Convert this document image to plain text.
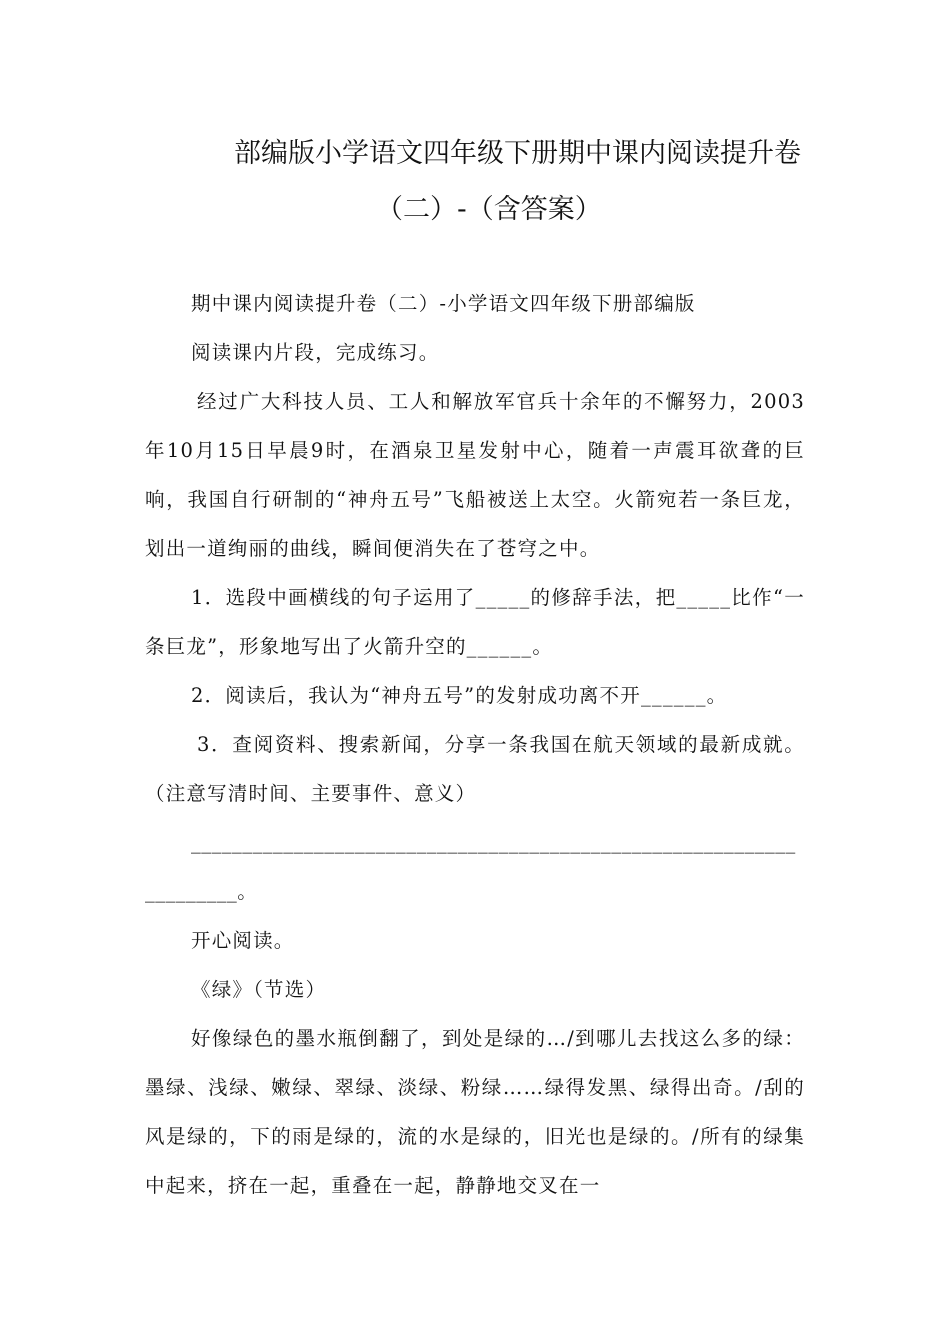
部编版小学语文四年级下册期中课内阅读提升卷
（二）-（含答案）

期中课内阅读提升卷（二）-小学语文四年级下册部编版

阅读课内片段，完成练习。

经过广大科技人员、工人和解放军官兵十余年的不懈努力，2003年10月15日早晨9时，在酒泉卫星发射中心，随着一声震耳欲聋的巨响，我国自行研制的“神舟五号”飞船被送上太空。火箭宛若一条巨龙，划出一道绚丽的曲线，瞬间便消失在了苍穹之中。

1．选段中画横线的句子运用了_____的修辞手法，把_____比作“一条巨龙”，形象地写出了火箭升空的______。

2．阅读后，我认为“神舟五号”的发射成功离不开______。

3．查阅资料、搜索新闻，分享一条我国在航天领域的最新成就。（注意写清时间、主要事件、意义）

___________________________________________________________
_________。

开心阅读。

《绿》（节选）

好像绿色的墨水瓶倒翻了，到处是绿的…/到哪儿去找这么多的绿：墨绿、浅绿、嫩绿、翠绿、淡绿、粉绿……绿得发黑、绿得出奇。/刮的风是绿的，下的雨是绿的，流的水是绿的，旧光也是绿的。/所有的绿集中起来，挤在一起，重叠在一起，静静地交叉在一
